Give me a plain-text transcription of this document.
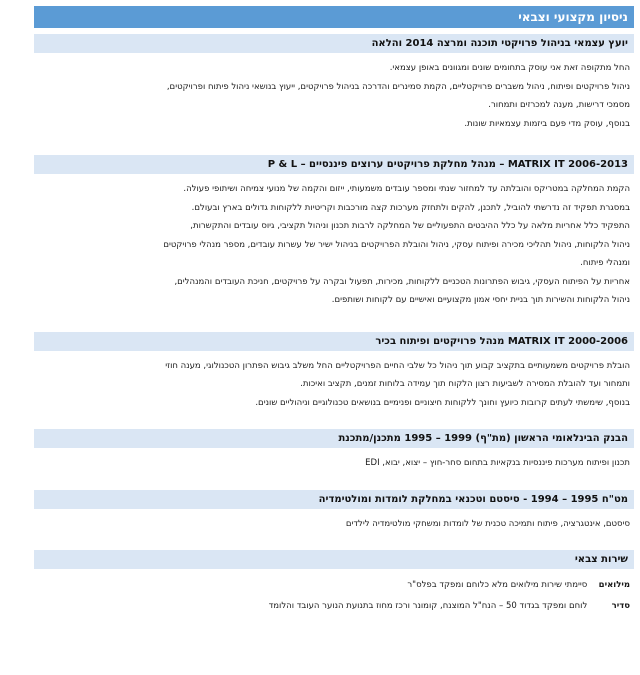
ניסיון מקצועי וצבאי
יועץ עצמאי בניהול פרויקטי תוכנה ומרצה 2014 והלאה
החל מתקופה זאת אני עוסק בתחומים שונים ומגוונים באופן עצמאי.
ניהול פרויקטים ופיתוח, ניהול משברים פרויקטליים, הקמת סמינרים והדרכה בניהול פרויקטים, ייעוץ בנושאי ניהול פיתוח ופרויקטים,
מסמכי דרישות, מענה למכרזים ותמחור.
בנוסף, עוסק מדי פעם ביזמות עצמאיות שונות.
MATRIX IT 2006-2013 – מנהל מחלקת פרויקטים ערוצים פיננסיים – P & L
הקמת המחלקה במטריקס והובלתה עד למחזור שנתי ומספר עובדים משמעותי, ייזום והקמה של מנועי צמיחה ושיתופי פעולה.
במסגרת תפקיד זה נדרשתי להוביל, לתכנן, להקים ולתחזק מערכות קצה מורכבות וקריטיות ללקוחות גדולים בארץ ובעולם.
התפקיד כלל אחריות מלאה על כלל ההיבטים התפעוליים של המחלקה לרבות תכנון וניהול תקציבי, גיוס עובדים והתקשרות,
ניהול הלקוחות, ניהול תהליכי מכירה ופיתוח עסקי, ניהול והובלת הפרויקטים בניהול ישיר של עשרות עובדים, מספר מנהלי פרויקטים
ומנהלי פיתוח.
אחריות על הפיתוח העסקי, גיבוש הפתרונות הטכניים ללקוחות, מכירות, תפעול ובקרה על פרויקטים, חניכת העובדים והמנהלים,
ניהול הלקוחות והשירות תוך בניית יחסי אמון מקצועיים ואישיים עם לקוחות ושותפים.
MATRIX IT 2000-2006 מנהל פרויקטים ופיתוח בכיר
הובלת פרויקטים משמעותיים בתקציב קבוע תוך ניהול כל שלבי החיים הפרויקטליים החל משלב גיבוש הפתרון הטכנולוגי, מענה חוזי
ותמחור ועד להובלת המסירה לשביעות רצון הלקוח תוך עמידה בלוחות זמנים, תקציב ואיכות.
בנוסף, שימשתי לעתים קרובות כיועץ וחונך ללקוחות חיצוניים ופנימיים בנושאים טכנולוגיים וניהוליים שונים.
הבנק הבינלאומי הראשון (מת"ף) 1999 – 1995 מתכנן/מתכנת
תכנון ופיתוח מערכות פיננסיות בנקאיות בתחום סחר-חוץ – יצוא, יבוא, EDI
מט"ח 1995 – 1994 - סיסטם וטכנאי במחלקת לומדות ומולטימדיה
סיסטם, אינטגרציה, פיתוח ותמיכה טכנית של לומדות ומשחקי מולטימדיה לילדים
שירות צבאי
מילואים סיימתי שירות מילואים מלא כלוחם ומפקד בפלס"ר
סדיר לוחם ומפקד בגדוד 50 – הנח"ל המוצנח, קומונר ורכז מחוז בתנועת הנוער העובד והלומד
